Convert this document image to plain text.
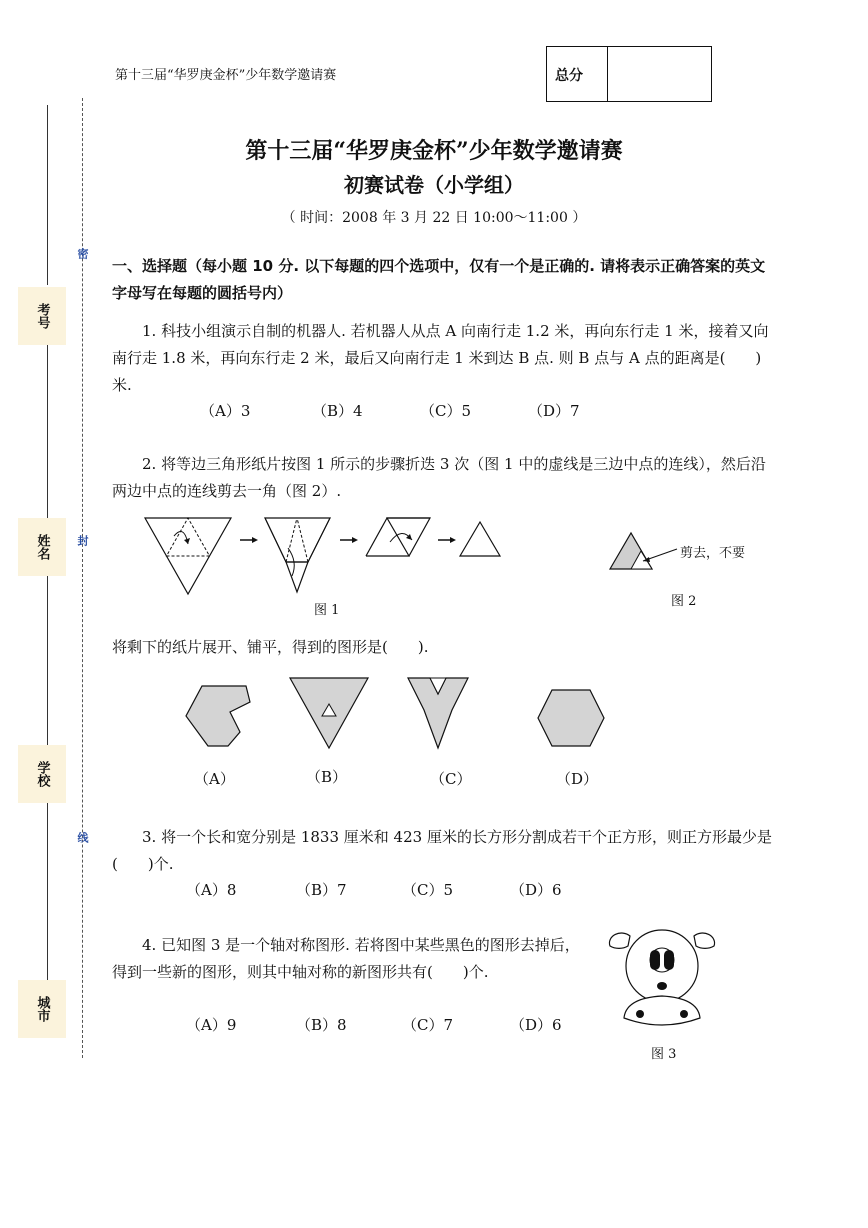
第十三届“华罗庚金杯”少年数学邀请赛	总分
考号
姓名
学校
城市
密
封
线
第十三届“华罗庚金杯”少年数学邀请赛
初赛试卷（小学组）
（ 时间：2008 年 3 月 22 日 10:00～11:00 ）
一、选择题（每小题 10 分. 以下每题的四个选项中，仅有一个是正确的. 请将表示正确答案的英文字母写在每题的圆括号内）
1. 科技小组演示自制的机器人. 若机器人从点 A 向南行走 1.2 米，再向东行走 1 米，接着又向南行走 1.8 米，再向东行走 2 米，最后又向南行走 1 米到达 B 点. 则 B 点与 A 点的距离是(　　)米.
（A）3	（B）4	（C）5	（D）7
2. 将等边三角形纸片按图 1 所示的步骤折迭 3 次（图 1 中的虚线是三边中点的连线），然后沿两边中点的连线剪去一角（图 2）.
图 1
剪去，不要
图 2
将剩下的纸片展开、铺平，得到的图形是(　　).
（A）	（B）	（C）	（D）
3. 将一个长和宽分别是 1833 厘米和 423 厘米的长方形分割成若干个正方形，则正方形最少是(　　)个.
（A）8	（B）7	（C）5	（D）6
4. 已知图 3 是一个轴对称图形. 若将图中某些黑色的图形去掉后，得到一些新的图形，则其中轴对称的新图形共有(　　)个.
（A）9	（B）8	（C）7	（D）6
图 3
